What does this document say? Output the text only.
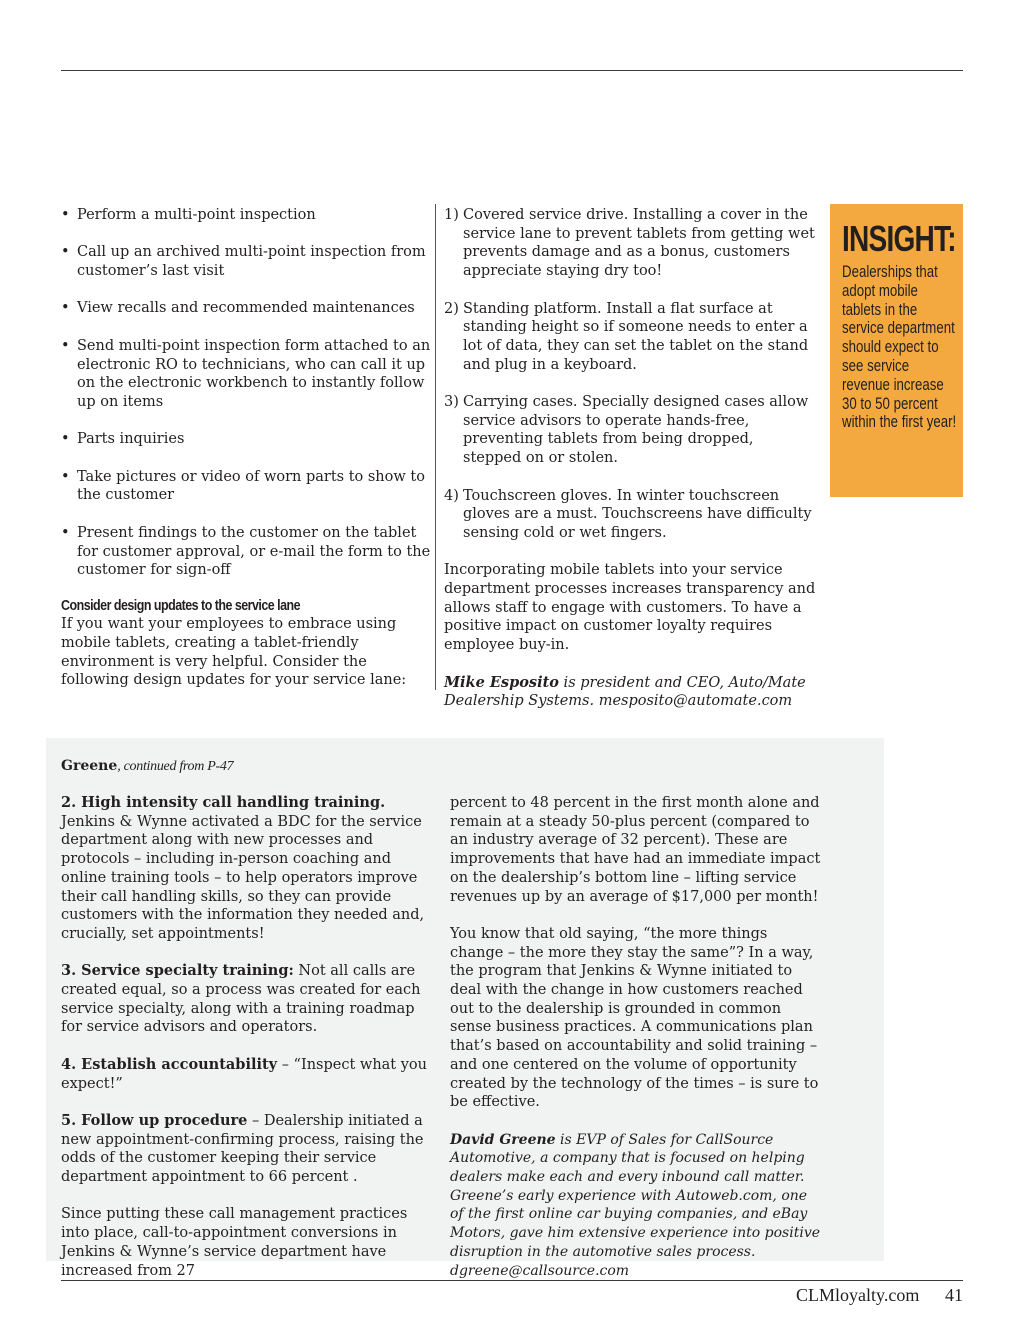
• Perform a multi-point inspection
• Call up an archived multi-point inspection from customer’s last visit
• View recalls and recommended maintenances
• Send multi-point inspection form attached to an electronic RO to technicians, who can call it up on the electronic workbench to instantly follow up on items
• Parts inquiries
• Take pictures or video of worn parts to show to the customer
• Present findings to the customer on the tablet for customer approval, or e-mail the form to the customer for sign-off
Consider design updates to the service lane

If you want your employees to embrace using mobile tablets, creating a tablet-friendly environment is very helpful. Consider the following design updates for your service lane:

1) Covered service drive. Installing a cover in the service lane to prevent tablets from getting wet prevents damage and as a bonus, customers appreciate staying dry too!
2) Standing platform. Install a flat surface at standing height so if someone needs to enter a lot of data, they can set the tablet on the stand and plug in a keyboard.
3) Carrying cases. Specially designed cases allow service advisors to operate hands-free, preventing tablets from being dropped, stepped on or stolen.
4) Touchscreen gloves. In winter touchscreen gloves are a must. Touchscreens have difficulty sensing cold or wet fingers.

Incorporating mobile tablets into your service department processes increases transparency and allows staff to engage with customers. To have a positive impact on customer loyalty requires employee buy-in.

Mike Esposito is president and CEO, Auto/Mate Dealership Systems. mesposito@automate.com

INSIGHT:
Dealerships that adopt mobile tablets in the service department should expect to see service revenue increase 30 to 50 percent within the first year!
Greene, continued from P-47

2. High intensity call handling training. Jenkins & Wynne activated a BDC for the service department along with new processes and protocols – including in-person coaching and online training tools – to help operators improve their call handling skills, so they can provide customers with the information they needed and, crucially, set appointments!

3. Service specialty training: Not all calls are created equal, so a process was created for each service specialty, along with a training roadmap for service advisors and operators.

4. Establish accountability – “Inspect what you expect!”

5. Follow up procedure – Dealership initiated a new appointment-confirming process, raising the odds of the customer keeping their service department appointment to 66 percent .

Since putting these call management practices into place, call-to-appointment conversions in Jenkins & Wynne’s service department have increased from 27

percent to 48 percent in the first month alone and remain at a steady 50-plus percent (compared to an industry average of 32 percent). These are improvements that have had an immediate impact on the dealership’s bottom line – lifting service revenues up by an average of $17,000 per month!

You know that old saying, “the more things change – the more they stay the same”? In a way, the program that Jenkins & Wynne initiated to deal with the change in how customers reached out to the dealership is grounded in common sense business practices. A communications plan that’s based on accountability and solid training – and one centered on the volume of opportunity created by the technology of the times – is sure to be effective.

David Greene is EVP of Sales for CallSource Automotive, a company that is focused on helping dealers make each and every inbound call matter. Greene’s early experience with Autoweb.com, one of the first online car buying companies, and eBay Motors, gave him extensive experience into positive disruption in the automotive sales process. dgreene@callsource.com

CLMloyalty.com 41
